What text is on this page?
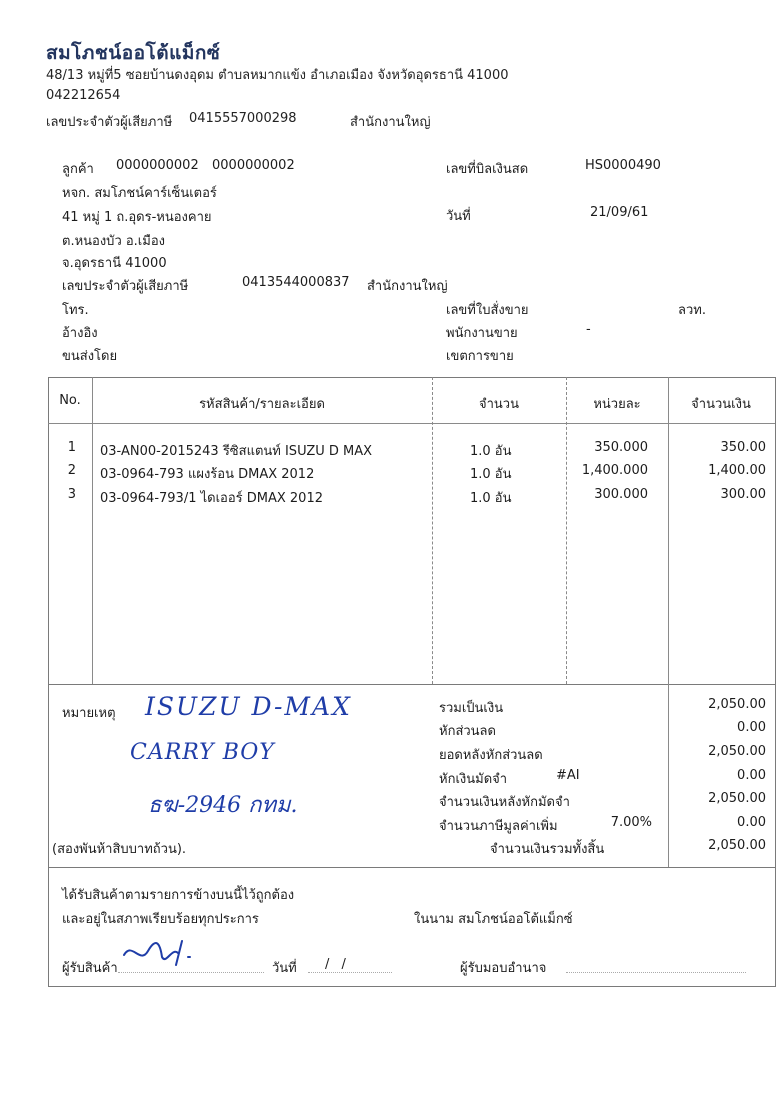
สมโภชน์ออโต้แม็กซ์
48/13 หมู่ที่5 ซอยบ้านดงอุดม ตำบลหมากแข้ง อำเภอเมือง จังหวัดอุดรธานี 41000
042212654
เลขประจำตัวผู้เสียภาษี 0415557000298	สำนักงานใหญ่
ลูกค้า 0000000002 0000000002
หจก. สมโภชน์คาร์เซ็นเตอร์
41 หมู่ 1 ถ.อุดร-หนองคาย
ต.หนองบัว อ.เมือง
จ.อุดรธานี 41000
เลขประจำตัวผู้เสียภาษี	0413544000837 สำนักงานใหญ่
โทร.
อ้างอิง
ขนส่งโดย
เลขที่บิลเงินสด	HS0000490
วันที่	21/09/61
เลขที่ใบสั่งขาย	ลวท.
พนักงานขาย	-
เขตการขาย
No.	รหัสสินค้า/รายละเอียด	จำนวน	หน่วยละ	จำนวนเงิน
1 03-AN00-2015243 รีซิสแตนท์ ISUZU D MAX	1.0 อัน	350.000	350.00
2 03-0964-793 แผงร้อน DMAX 2012	1.0 อัน	1,400.000	1,400.00
3 03-0964-793/1 ไดเออร์ DMAX 2012	1.0 อัน	300.000	300.00
หมายเหตุ ISUZU D-MAX
CARRY BOY
ธฆ-2946 กทม.
(สองพันห้าสิบบาทถ้วน).
รวมเป็นเงิน	2,050.00
หักส่วนลด	0.00
ยอดหลังหักส่วนลด	2,050.00
หักเงินมัดจำ	#AI	0.00
จำนวนเงินหลังหักมัดจำ	2,050.00
จำนวนภาษีมูลค่าเพิ่ม	7.00%	0.00
จำนวนเงินรวมทั้งสิ้น	2,050.00
ได้รับสินค้าตามรายการข้างบนนี้ไว้ถูกต้อง
และอยู่ในสภาพเรียบร้อยทุกประการ	ในนาม สมโภชน์ออโต้แม็กซ์
ผู้รับสินค้า	วันที่ / /	ผู้รับมอบอำนาจ
